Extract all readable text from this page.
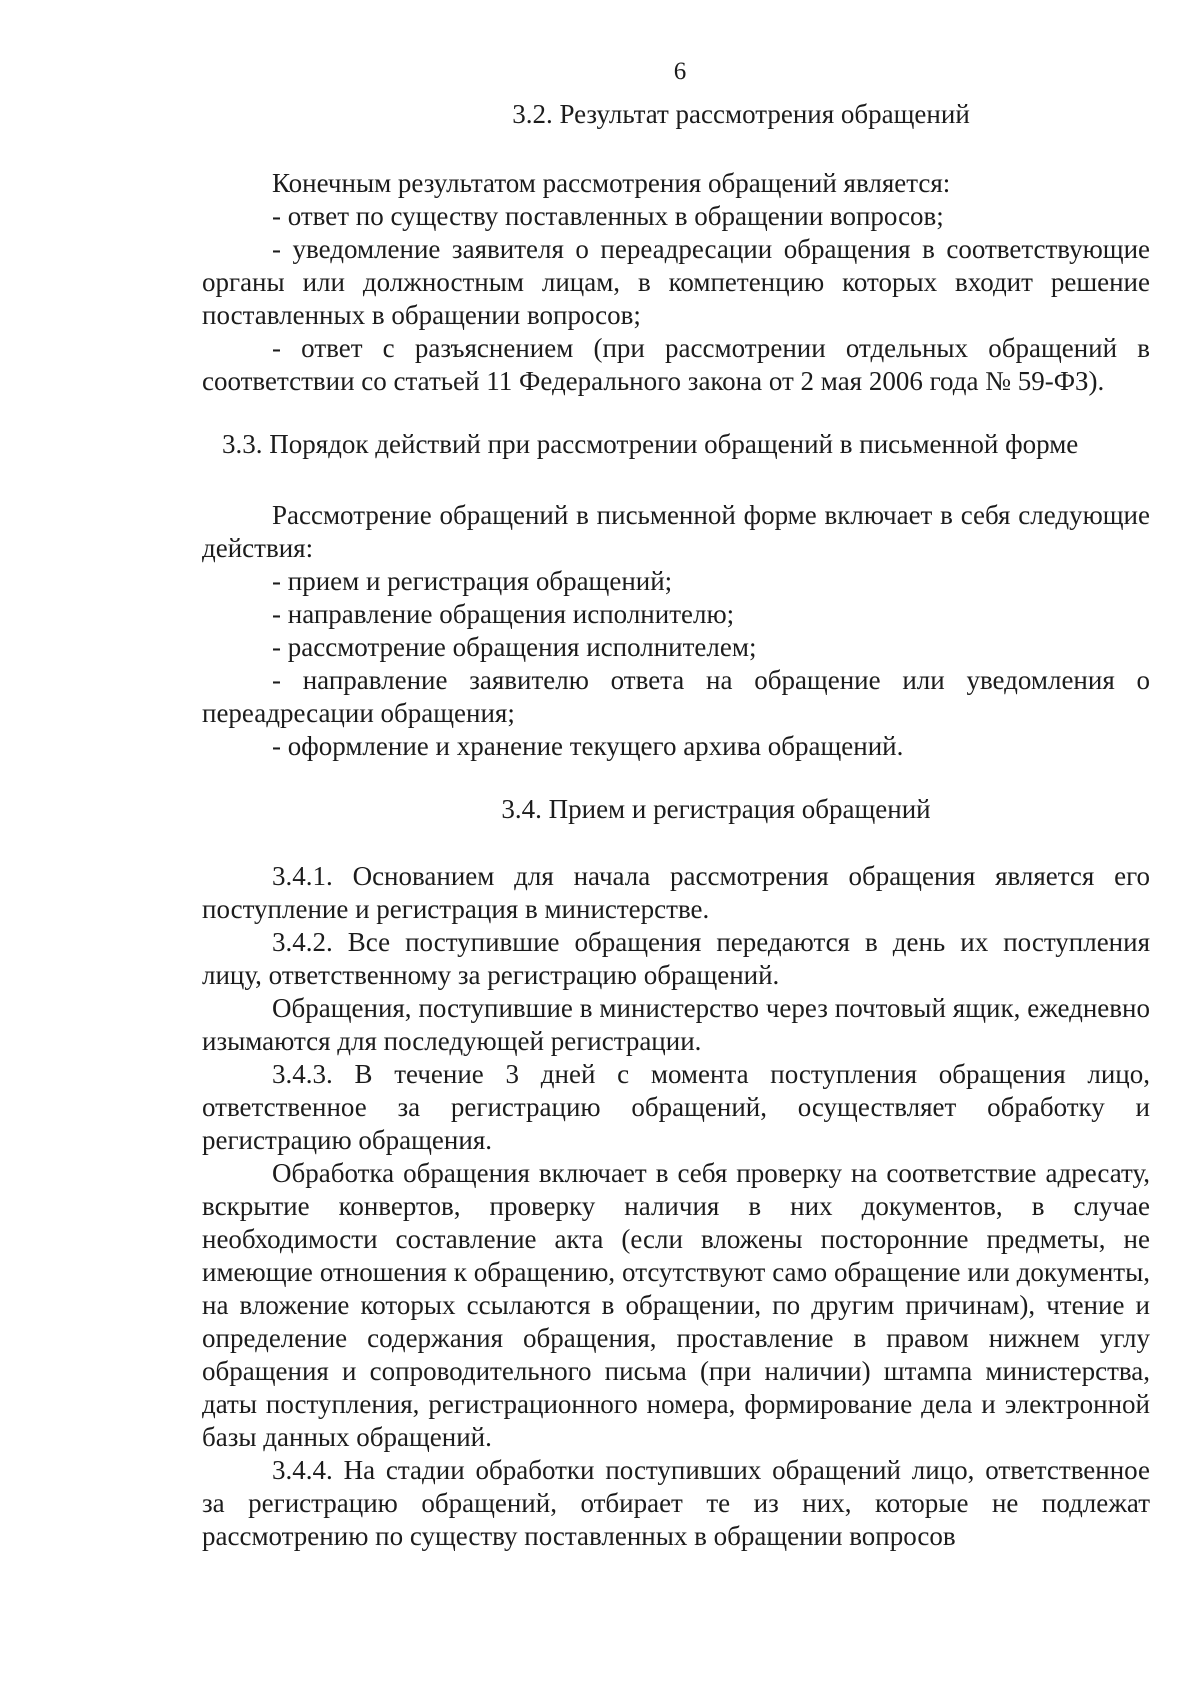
6
3.2. Результат рассмотрения обращений

Конечным результатом рассмотрения обращений является:

- ответ по существу поставленных в обращении вопросов;

- уведомление заявителя о переадресации обращения в соответствующие органы или должностным лицам, в компетенцию которых входит решение поставленных в обращении вопросов;

- ответ с разъяснением (при рассмотрении отдельных обращений в соответствии со статьей 11 Федерального закона от 2 мая 2006 года № 59-ФЗ).

3.3. Порядок действий при рассмотрении обращений в письменной форме

Рассмотрение обращений в письменной форме включает в себя следующие действия:

- прием и регистрация обращений;

- направление обращения исполнителю;

- рассмотрение обращения исполнителем;

- направление заявителю ответа на обращение или уведомления о переадресации обращения;

- оформление и хранение текущего архива обращений.

3.4. Прием и регистрация обращений

3.4.1. Основанием для начала рассмотрения обращения является его поступление и регистрация в министерстве.

3.4.2. Все поступившие обращения передаются в день их поступления лицу, ответственному за регистрацию обращений.

Обращения, поступившие в министерство через почтовый ящик, ежедневно изымаются для последующей регистрации.

3.4.3. В течение 3 дней с момента поступления обращения лицо, ответственное за регистрацию обращений, осуществляет обработку и регистрацию обращения.

Обработка обращения включает в себя проверку на соответствие адресату, вскрытие конвертов, проверку наличия в них документов, в случае необходимости составление акта (если вложены посторонние предметы, не имеющие отношения к обращению, отсутствуют само обращение или документы, на вложение которых ссылаются в обращении, по другим причинам), чтение и определение содержания обращения, проставление в правом нижнем углу обращения и сопроводительного письма (при наличии) штампа министерства, даты поступления, регистрационного номера, формирование дела и электронной базы данных обращений.

3.4.4. На стадии обработки поступивших обращений лицо, ответственное за регистрацию обращений, отбирает те из них, которые не подлежат рассмотрению по существу поставленных в обращении вопросов
